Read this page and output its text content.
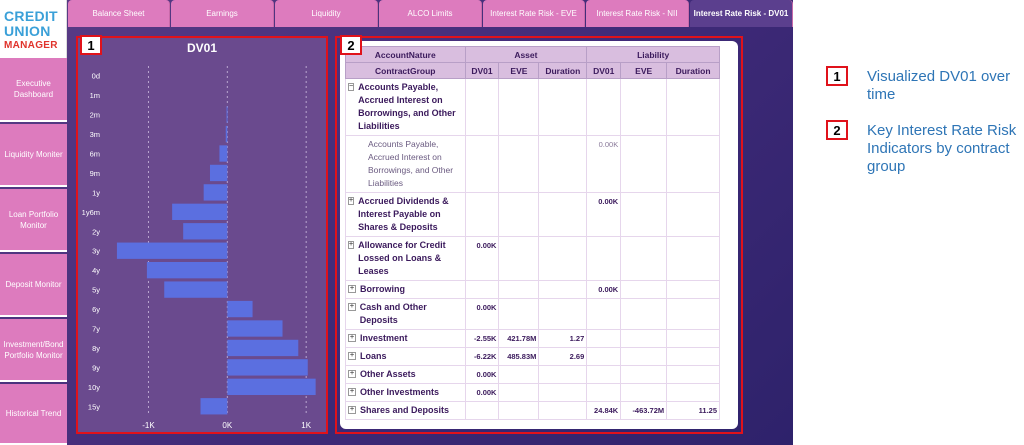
CREDIT
UNION
MANAGER
Executive Dashboard
Liquidity Moniter
Loan Portfolio Monitor
Deposit Monitor
Investment/Bond Portfolio Monitor
Historical Trend
Balance Sheet	Earnings	Liquidity	ALCO Limits	Interest Rate Risk - EVE Interest Rate Risk - NII Interest Rate Risk - DV01
-1K	0K	1K
0d
1m
2m
3m
6m
9m
1y
1y6m
2y
3y
4y
5y
6y
7y
8y
9y
10y
15y
DV01
1
AccountNature	Asset			Liability		
ContractGroup	DV01	EVE	Duration	DV01	EVE	Duration

− Accounts Payable, Accrued Interest on Borrowings, and Other Liabilities						

Accounts Payable, Accrued Interest on Borrowings, and Other Liabilities				0.00K		

+ Accrued Dividends & Interest Payable on Shares & Deposits				0.00K		

+ Allowance for Credit Lossed on Loans & Leases	0.00K					

+ Borrowing				0.00K		

+ Cash and Other Deposits	0.00K					

+ Investment	-2.55K	421.78M	1.27			

+ Loans	-6.22K	485.83M	2.69			

+ Other Assets	0.00K					

+ Other Investments	0.00K					

+ Shares and Deposits				24.84K	-463.72M	11.25
2
1	Visualized DV01 over time
2	Key Interest Rate Risk Indicators by contract group
